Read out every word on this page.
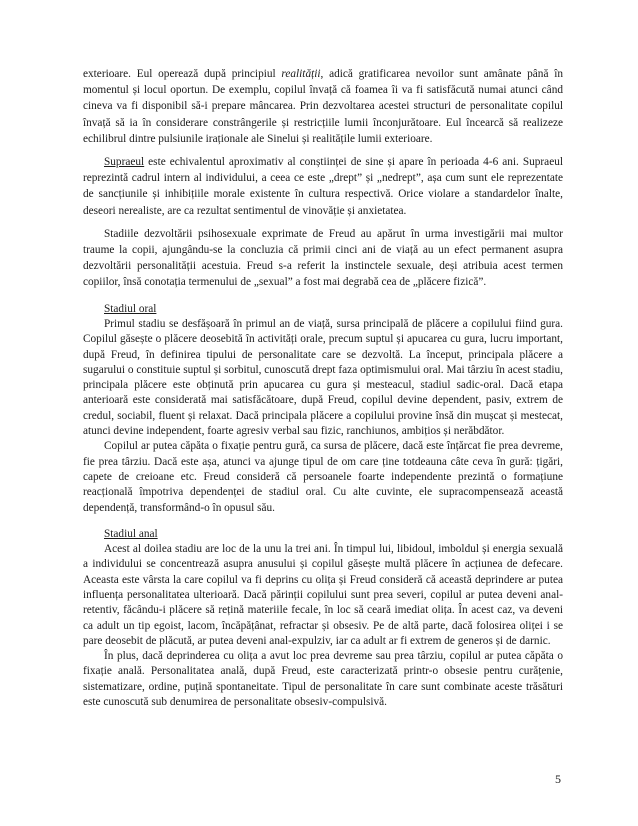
exterioare. Eul operează după principiul realității, adică gratificarea nevoilor sunt amânate până în momentul și locul oportun. De exemplu, copilul învață că foamea îi va fi satisfăcută numai atunci când cineva va fi disponibil să-i prepare mâncarea. Prin dezvoltarea acestei structuri de personalitate copilul învață să ia în considerare constrângerile și restricțiile lumii înconjurătoare. Eul încearcă să realizeze echilibrul dintre pulsiunile iraționale ale Sinelui și realitățile lumii exterioare.

Supraeul este echivalentul aproximativ al conștiinței de sine și apare în perioada 4-6 ani. Supraeul reprezintă cadrul intern al individului, a ceea ce este „drept” și „nedrept”, așa cum sunt ele reprezentate de sancțiunile și inhibițiile morale existente în cultura respectivă. Orice violare a standardelor înalte, deseori nerealiste, are ca rezultat sentimentul de vinovăție și anxietatea.

Stadiile dezvoltării psihosexuale exprimate de Freud au apărut în urma investigării mai multor traume la copii, ajungându-se la concluzia că primii cinci ani de viață au un efect permanent asupra dezvoltării personalității acestuia. Freud s-a referit la instinctele sexuale, deși atribuia acest termen copiilor, însă conotația termenului de „sexual” a fost mai degrabă cea de „plăcere fizică”.

Stadiul oral

Primul stadiu se desfășoară în primul an de viață, sursa principală de plăcere a copilului fiind gura. Copilul găsește o plăcere deosebită în activități orale, precum suptul și apucarea cu gura, lucru important, după Freud, în definirea tipului de personalitate care se dezvoltă. La început, principala plăcere a sugarului o constituie suptul și sorbitul, cunoscută drept faza optimismului oral. Mai târziu în acest stadiu, principala plăcere este obținută prin apucarea cu gura și mesteacul, stadiul sadic-oral. Dacă etapa anterioară este considerată mai satisfăcătoare, după Freud, copilul devine dependent, pasiv, extrem de credul, sociabil, fluent și relaxat. Dacă principala plăcere a copilului provine însă din mușcat și mestecat, atunci devine independent, foarte agresiv verbal sau fizic, ranchiunos, ambițios și nerăbdător.

Copilul ar putea căpăta o fixație pentru gură, ca sursa de plăcere, dacă este înțărcat fie prea devreme, fie prea târziu. Dacă este așa, atunci va ajunge tipul de om care ține totdeauna câte ceva în gură: țigări, capete de creioane etc. Freud consideră că persoanele foarte independente prezintă o formațiune reacțională împotriva dependenței de stadiul oral. Cu alte cuvinte, ele supracompensează această dependență, transformând-o în opusul său.

Stadiul anal

Acest al doilea stadiu are loc de la unu la trei ani. În timpul lui, libidoul, imboldul și energia sexuală a individului se concentrează asupra anusului și copilul găsește multă plăcere în acțiunea de defecare. Aceasta este vârsta la care copilul va fi deprins cu olița și Freud consideră că această deprindere ar putea influența personalitatea ulterioară. Dacă părinții copilului sunt prea severi, copilul ar putea deveni anal-retentiv, făcându-i plăcere să rețină materiile fecale, în loc să ceară imediat olița. În acest caz, va deveni ca adult un tip egoist, lacom, încăpățânat, refractar și obsesiv. Pe de altă parte, dacă folosirea oliței i se pare deosebit de plăcută, ar putea deveni anal-expulziv, iar ca adult ar fi extrem de generos și de darnic.

În plus, dacă deprinderea cu olița a avut loc prea devreme sau prea târziu, copilul ar putea căpăta o fixație anală. Personalitatea anală, după Freud, este caracterizată printr-o obsesie pentru curățenie, sistematizare, ordine, puțină spontaneitate. Tipul de personalitate în care sunt combinate aceste trăsături este cunoscută sub denumirea de personalitate obsesiv-compulsivă.

5
